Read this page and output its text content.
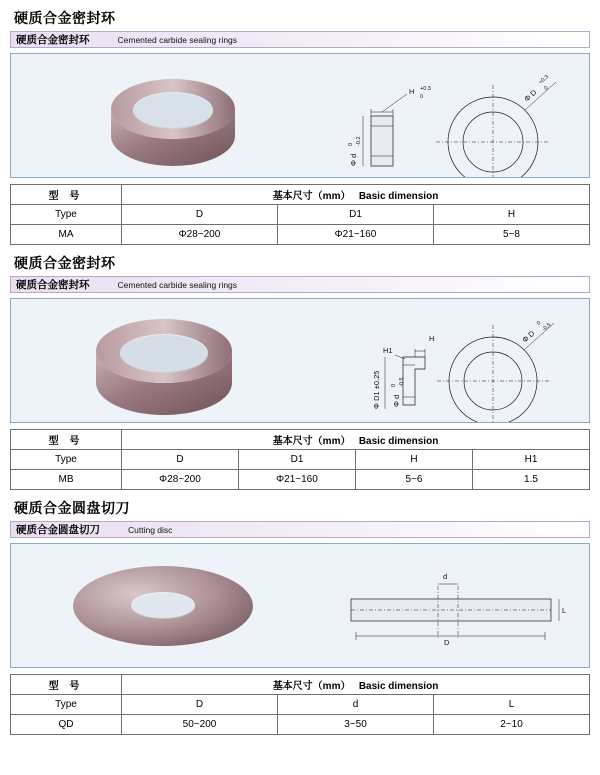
硬质合金密封环
硬质合金密封环	Cemented carbide sealing rings
H +0.3
0
Φ d
0 -0.2
Φ D
+0.3
0
型 号	基本尺寸（mm） Basic dimension		
Type	D	D1	H
MA	Φ28~200	Φ21~160	5~8
硬质合金密封环
硬质合金密封环	Cemented carbide sealing rings
H1
H
Φ D1 ±0.25 Φ d
0 -0.5
Φ D
0 -0.5
型 号	基本尺寸（mm） Basic dimension			
Type	D	D1	H	H1
MB	Φ28~200	Φ21~160	5~6	1.5
硬质合金圆盘切刀
硬质合金圆盘切刀	Cutting disc
d
D
L
型 号	基本尺寸（mm） Basic dimension		
Type	D	d	L
QD	50~200	3~50	2~10
